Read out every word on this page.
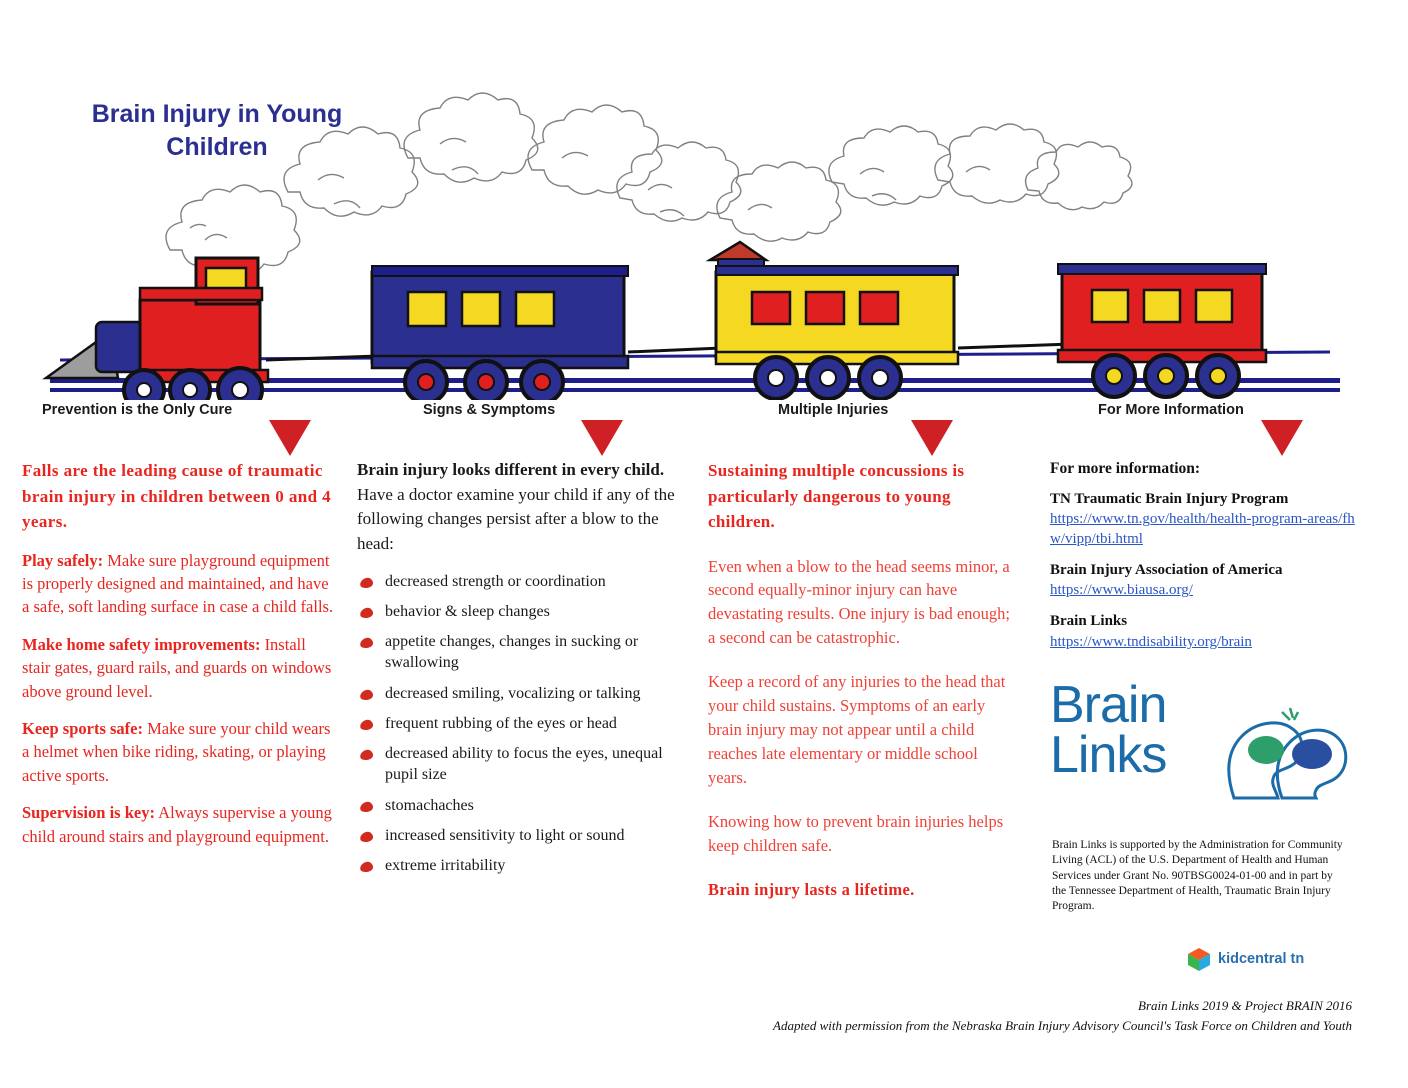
Brain Injury in Young Children
Prevention is the Only Cure	Signs & Symptoms	Multiple Injuries	For More Information

Falls are the leading cause of traumatic brain injury in children between 0 and 4 years.

Play safely: Make sure playground equipment is properly designed and maintained, and have a safe, soft landing surface in case a child falls.

Make home safety improvements: Install stair gates, guard rails, and guards on windows above ground level.

Keep sports safe: Make sure your child wears a helmet when bike riding, skating, or playing active sports.

Supervision is key: Always supervise a young child around stairs and playground equipment.

Brain injury looks different in every child. Have a doctor examine your child if any of the following changes persist after a blow to the head:

decreased strength or coordination
behavior & sleep changes
appetite changes, changes in sucking or swallowing
decreased smiling, vocalizing or talking
frequent rubbing of the eyes or head
decreased ability to focus the eyes, unequal pupil size
stomachaches
increased sensitivity to light or sound
extreme irritability

Sustaining multiple concussions is particularly dangerous to young children.

Even when a blow to the head seems minor, a second equally-minor injury can have devastating results. One injury is bad enough; a second can be catastrophic.

Keep a record of any injuries to the head that your child sustains. Symptoms of an early brain injury may not appear until a child reaches late elementary or middle school years.

Knowing how to prevent brain injuries helps keep children safe.

Brain injury lasts a lifetime.

For more information:

TN Traumatic Brain Injury Program

https://www.tn.gov/health/health-program-areas/fhw/vipp/tbi.html

Brain Injury Association of America

https://www.biausa.org/

Brain Links

https://www.tndisability.org/brain
Brain
Links
Brain Links is supported by the Administration for Community Living (ACL) of the U.S. Department of Health and Human Services under Grant No. 90TBSG0024-01-00 and in part by the Tennessee Department of Health, Traumatic Brain Injury Program.
kidcentral tn
Brain Links 2019 & Project BRAIN 2016
Adapted with permission from the Nebraska Brain Injury Advisory Council's Task Force on Children and Youth
